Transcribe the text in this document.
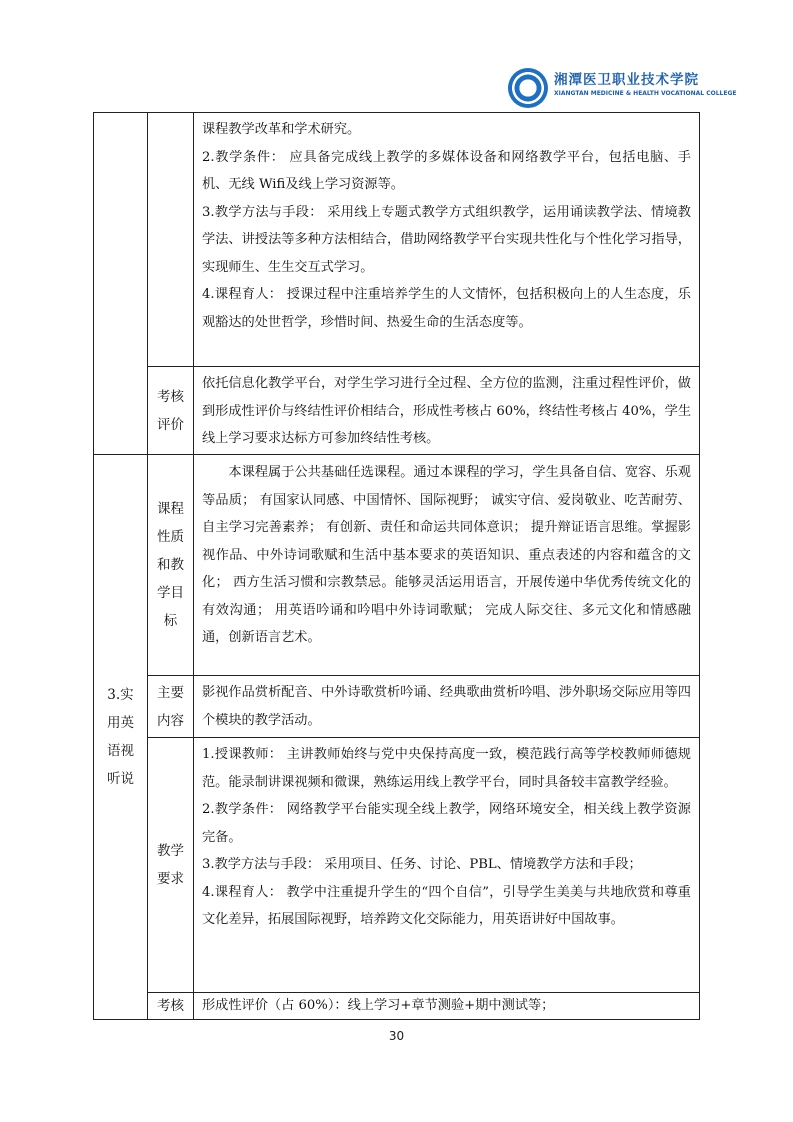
湘潭医卫职业技术学院
XIANGTAN MEDICINE & HEALTH VOCATIONAL COLLEGE

课程教学改革和学术研究。

2.教学条件： 应具备完成线上教学的多媒体设备和网络教学平台，包括电脑、手机、无线 Wifi及线上学习资源等。

3.教学方法与手段： 采用线上专题式教学方式组织教学，运用诵读教学法、情境教学法、讲授法等多种方法相结合，借助网络教学平台实现共性化与个性化学习指导，实现师生、生生交互式学习。

4.课程育人： 授课过程中注重培养学生的人文情怀，包括积极向上的人生态度，乐观豁达的处世哲学，珍惜时间、热爱生命的生活态度等。

考核评价
依托信息化教学平台，对学生学习进行全过程、全方位的监测，注重过程性评价，做到形成性评价与终结性评价相结合，形成性考核占 60%，终结性考核占 40%，学生线上学习要求达标方可参加终结性考核。
3.实用英语视听说
课程性质和教学目标

本课程属于公共基础任选课程。通过本课程的学习，学生具备自信、宽容、乐观等品质； 有国家认同感、中国情怀、国际视野； 诚实守信、爱岗敬业、吃苦耐劳、自主学习完善素养； 有创新、责任和命运共同体意识； 提升辩证语言思维。掌握影视作品、中外诗词歌赋和生活中基本要求的英语知识、重点表述的内容和蕴含的文化； 西方生活习惯和宗教禁忌。能够灵活运用语言，开展传递中华优秀传统文化的有效沟通； 用英语吟诵和吟唱中外诗词歌赋； 完成人际交往、多元文化和情感融通，创新语言艺术。

主要内容
影视作品赏析配音、中外诗歌赏析吟诵、经典歌曲赏析吟唱、涉外职场交际应用等四个模块的教学活动。
教学要求

1.授课教师： 主讲教师始终与党中央保持高度一致，模范践行高等学校教师师德规范。能录制讲课视频和微课，熟练运用线上教学平台，同时具备较丰富教学经验。

2.教学条件： 网络教学平台能实现全线上教学，网络环境安全，相关线上教学资源完备。

3.教学方法与手段： 采用项目、任务、讨论、PBL、情境教学方法和手段；

4.课程育人： 教学中注重提升学生的“四个自信”，引导学生美美与共地欣赏和尊重文化差异，拓展国际视野，培养跨文化交际能力，用英语讲好中国故事。

考核	形成性评价（占 60%）：线上学习+章节测验+期中测试等；
30
